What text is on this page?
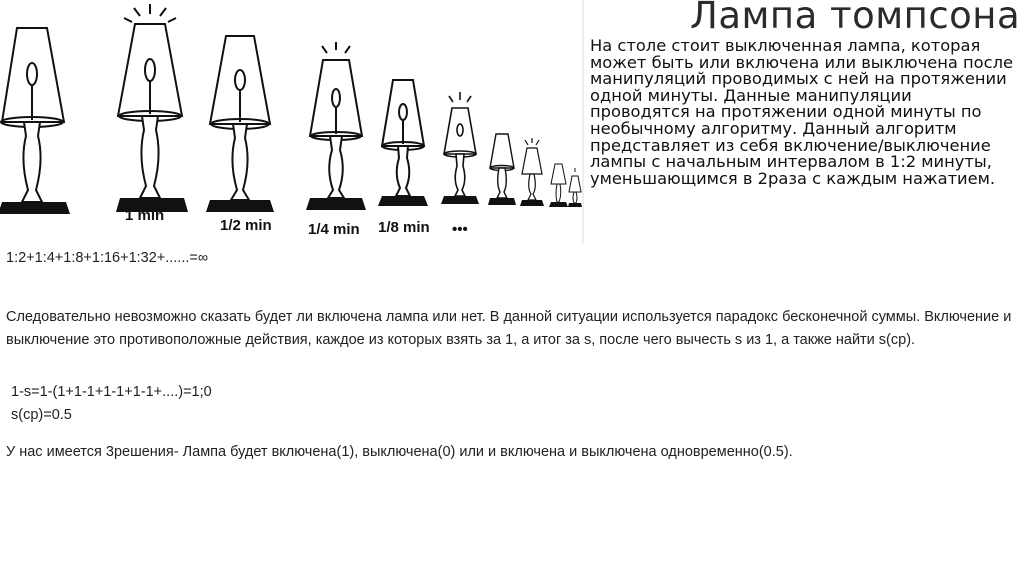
Лампа томпсона
На столе стоит выключенная лампа, которая может быть или включена или выключена после манипуляций проводимых с ней на протяжении одной минуты. Данные манипуляции проводятся на протяжении одной минуты по необычному алгоритму. Данный алгоритм представляет из себя включение/выключение лампы с начальным интервалом в 1:2 минуты, уменьшающимся в 2раза с каждым нажатием.
start	1 min
1/2 min 1/4 min 1/8 min •••
1:2+1:4+1:8+1:16+1:32+......=∞
Следовательно невозможно сказать будет ли включена лампа или нет. В данной ситуации используется парадокс бесконечной суммы. Включение и выключение это противоположные действия, каждое из которых взять за 1, а итог за s, после чего вычесть s из 1, а также найти s(ср).
1-s=1-(1+1-1+1-1+1-1+....)=1;0
s(ср)=0.5
У нас имеется 3решения- Лампа будет включена(1), выключена(0) или и включена и выключена одновременно(0.5).
